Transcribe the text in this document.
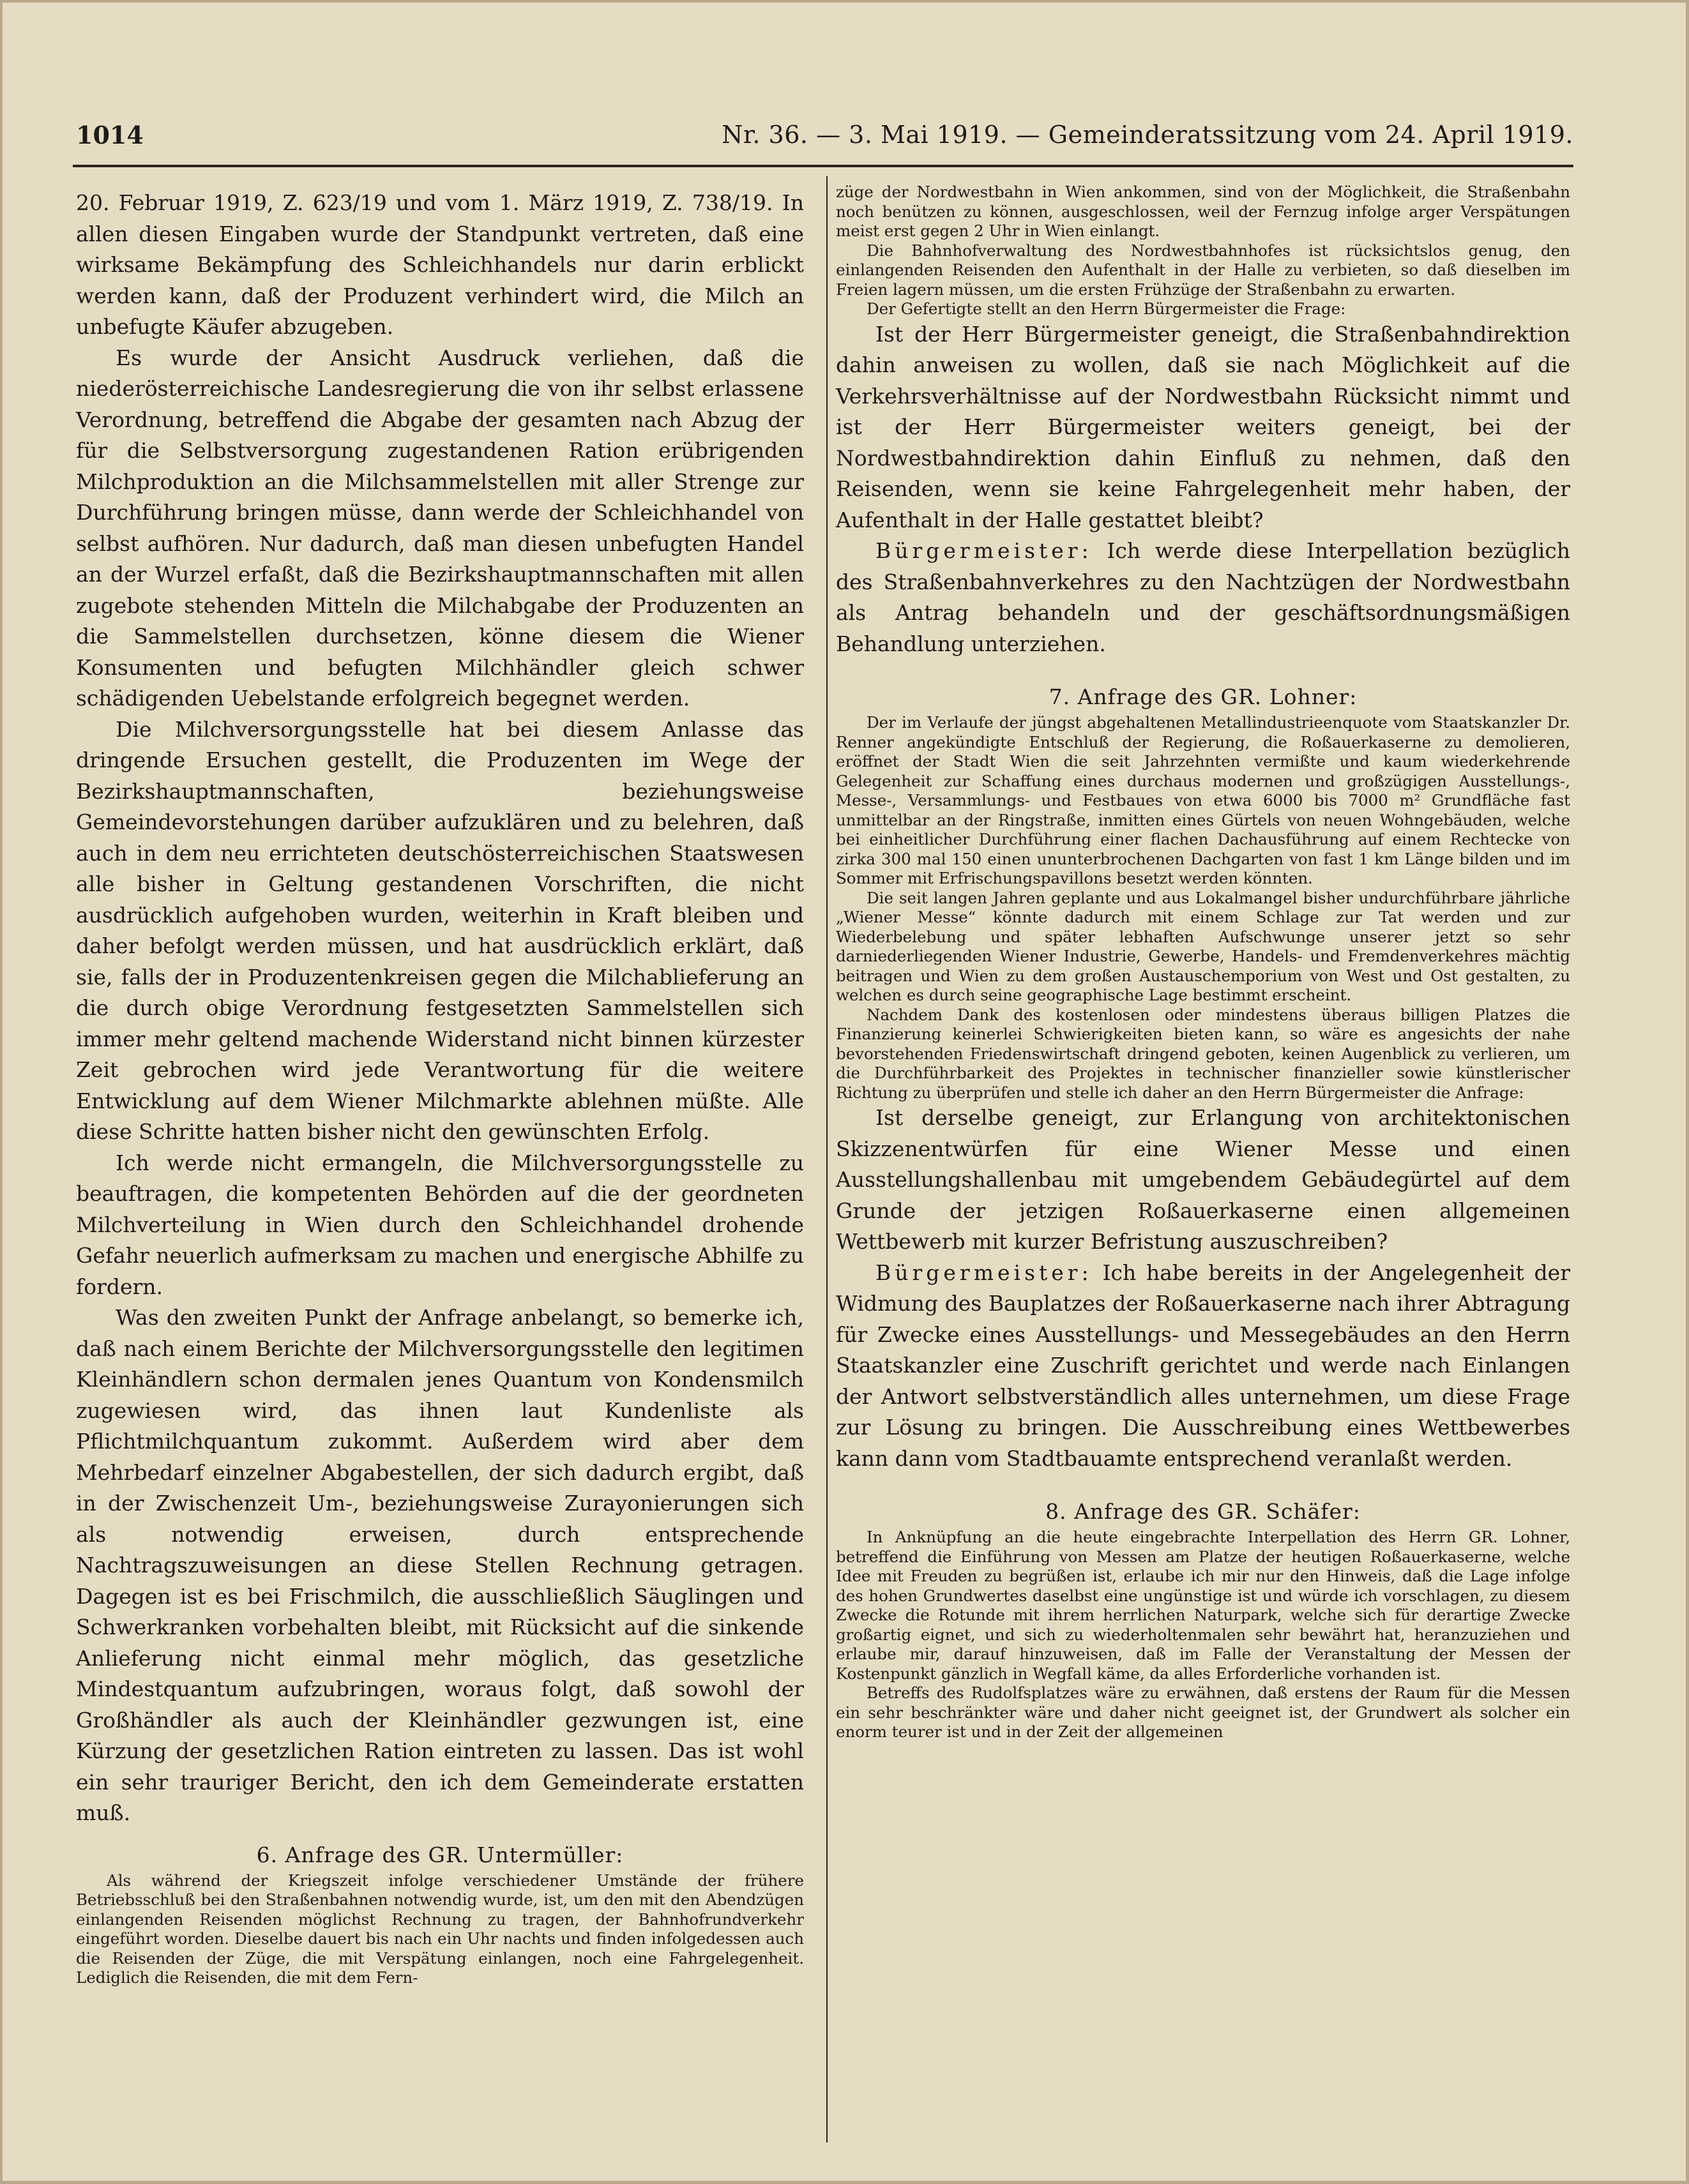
1014	Nr. 36. — 3. Mai 1919. — Gemeinderatssitzung vom 24. April 1919.

20. Februar 1919, Z. 623/19 und vom 1. März 1919, Z. 738/19. In allen diesen Eingaben wurde der Standpunkt vertreten, daß eine wirksame Bekämpfung des Schleichhandels nur darin erblickt werden kann, daß der Produzent verhindert wird, die Milch an unbefugte Käufer abzugeben.

Es wurde der Ansicht Ausdruck verliehen, daß die niederösterreichische Landesregierung die von ihr selbst erlassene Verordnung, betreffend die Abgabe der gesamten nach Abzug der für die Selbstversorgung zugestandenen Ration erübrigenden Milchproduktion an die Milchsammelstellen mit aller Strenge zur Durchführung bringen müsse, dann werde der Schleichhandel von selbst aufhören. Nur dadurch, daß man diesen unbefugten Handel an der Wurzel erfaßt, daß die Bezirkshauptmannschaften mit allen zugebote stehenden Mitteln die Milchabgabe der Produzenten an die Sammelstellen durchsetzen, könne diesem die Wiener Konsumenten und befugten Milchhändler gleich schwer schädigenden Uebelstande erfolgreich begegnet werden.

Die Milchversorgungsstelle hat bei diesem Anlasse das dringende Ersuchen gestellt, die Produzenten im Wege der Bezirkshauptmannschaften, beziehungsweise Gemeindevorstehungen darüber aufzuklären und zu belehren, daß auch in dem neu errichteten deutschösterreichischen Staatswesen alle bisher in Geltung gestandenen Vorschriften, die nicht ausdrücklich aufgehoben wurden, weiterhin in Kraft bleiben und daher befolgt werden müssen, und hat ausdrücklich erklärt, daß sie, falls der in Produzentenkreisen gegen die Milchablieferung an die durch obige Verordnung festgesetzten Sammelstellen sich immer mehr geltend machende Widerstand nicht binnen kürzester Zeit gebrochen wird jede Verantwortung für die weitere Entwicklung auf dem Wiener Milchmarkte ablehnen müßte. Alle diese Schritte hatten bisher nicht den gewünschten Erfolg.

Ich werde nicht ermangeln, die Milchversorgungsstelle zu beauftragen, die kompetenten Behörden auf die der geordneten Milchverteilung in Wien durch den Schleichhandel drohende Gefahr neuerlich aufmerksam zu machen und energische Abhilfe zu fordern.

Was den zweiten Punkt der Anfrage anbelangt, so bemerke ich, daß nach einem Berichte der Milchversorgungsstelle den legitimen Kleinhändlern schon dermalen jenes Quantum von Kondensmilch zugewiesen wird, das ihnen laut Kundenliste als Pflichtmilchquantum zukommt. Außerdem wird aber dem Mehrbedarf einzelner Abgabestellen, der sich dadurch ergibt, daß in der Zwischenzeit Um-, beziehungsweise Zurayonierungen sich als notwendig erweisen, durch entsprechende Nachtragszuweisungen an diese Stellen Rechnung getragen. Dagegen ist es bei Frischmilch, die ausschließlich Säuglingen und Schwerkranken vorbehalten bleibt, mit Rücksicht auf die sinkende Anlieferung nicht einmal mehr möglich, das gesetzliche Mindestquantum aufzubringen, woraus folgt, daß sowohl der Großhändler als auch der Kleinhändler gezwungen ist, eine Kürzung der gesetzlichen Ration eintreten zu lassen. Das ist wohl ein sehr trauriger Bericht, den ich dem Gemeinderate erstatten muß.

6. Anfrage des GR. Untermüller:

Als während der Kriegszeit infolge verschiedener Umstände der frühere Betriebsschluß bei den Straßenbahnen notwendig wurde, ist, um den mit den Abendzügen einlangenden Reisenden möglichst Rechnung zu tragen, der Bahnhofrundverkehr eingeführt worden. Dieselbe dauert bis nach ein Uhr nachts und finden infolgedessen auch die Reisenden der Züge, die mit Verspätung einlangen, noch eine Fahrgelegenheit. Lediglich die Reisenden, die mit dem Fern-

züge der Nordwestbahn in Wien ankommen, sind von der Möglichkeit, die Straßenbahn noch benützen zu können, ausgeschlossen, weil der Fernzug infolge arger Verspätungen meist erst gegen 2 Uhr in Wien einlangt.

Die Bahnhofverwaltung des Nordwestbahnhofes ist rücksichtslos genug, den einlangenden Reisenden den Aufenthalt in der Halle zu verbieten, so daß dieselben im Freien lagern müssen, um die ersten Frühzüge der Straßenbahn zu erwarten.

Der Gefertigte stellt an den Herrn Bürgermeister die Frage:

Ist der Herr Bürgermeister geneigt, die Straßenbahndirektion dahin anweisen zu wollen, daß sie nach Möglichkeit auf die Verkehrsverhältnisse auf der Nordwestbahn Rücksicht nimmt und ist der Herr Bürgermeister weiters geneigt, bei der Nordwestbahndirektion dahin Einfluß zu nehmen, daß den Reisenden, wenn sie keine Fahrgelegenheit mehr haben, der Aufenthalt in der Halle gestattet bleibt?

Bürgermeister: Ich werde diese Interpellation bezüglich des Straßenbahnverkehres zu den Nachtzügen der Nordwestbahn als Antrag behandeln und der geschäftsordnungsmäßigen Behandlung unterziehen.

7. Anfrage des GR. Lohner:

Der im Verlaufe der jüngst abgehaltenen Metallindustrieenquote vom Staatskanzler Dr. Renner angekündigte Entschluß der Regierung, die Roßauerkaserne zu demolieren, eröffnet der Stadt Wien die seit Jahrzehnten vermißte und kaum wiederkehrende Gelegenheit zur Schaffung eines durchaus modernen und großzügigen Ausstellungs-, Messe-, Versammlungs- und Festbaues von etwa 6000 bis 7000 m² Grundfläche fast unmittelbar an der Ringstraße, inmitten eines Gürtels von neuen Wohngebäuden, welche bei einheitlicher Durchführung einer flachen Dachausführung auf einem Rechtecke von zirka 300 mal 150 einen ununterbrochenen Dachgarten von fast 1 km Länge bilden und im Sommer mit Erfrischungspavillons besetzt werden könnten.

Die seit langen Jahren geplante und aus Lokalmangel bisher undurchführbare jährliche „Wiener Messe“ könnte dadurch mit einem Schlage zur Tat werden und zur Wiederbelebung und später lebhaften Aufschwunge unserer jetzt so sehr darniederliegenden Wiener Industrie, Gewerbe, Handels- und Fremdenverkehres mächtig beitragen und Wien zu dem großen Austauschemporium von West und Ost gestalten, zu welchen es durch seine geographische Lage bestimmt erscheint.

Nachdem Dank des kostenlosen oder mindestens überaus billigen Platzes die Finanzierung keinerlei Schwierigkeiten bieten kann, so wäre es angesichts der nahe bevorstehenden Friedenswirtschaft dringend geboten, keinen Augenblick zu verlieren, um die Durchführbarkeit des Projektes in technischer finanzieller sowie künstlerischer Richtung zu überprüfen und stelle ich daher an den Herrn Bürgermeister die Anfrage:

Ist derselbe geneigt, zur Erlangung von architektonischen Skizzenentwürfen für eine Wiener Messe und einen Ausstellungshallenbau mit umgebendem Gebäudegürtel auf dem Grunde der jetzigen Roßauerkaserne einen allgemeinen Wettbewerb mit kurzer Befristung auszuschreiben?

Bürgermeister: Ich habe bereits in der Angelegenheit der Widmung des Bauplatzes der Roßauerkaserne nach ihrer Abtragung für Zwecke eines Ausstellungs- und Messegebäudes an den Herrn Staatskanzler eine Zuschrift gerichtet und werde nach Einlangen der Antwort selbstverständlich alles unternehmen, um diese Frage zur Lösung zu bringen. Die Ausschreibung eines Wettbewerbes kann dann vom Stadtbauamte entsprechend veranlaßt werden.

8. Anfrage des GR. Schäfer:

In Anknüpfung an die heute eingebrachte Interpellation des Herrn GR. Lohner, betreffend die Einführung von Messen am Platze der heutigen Roßauerkaserne, welche Idee mit Freuden zu begrüßen ist, erlaube ich mir nur den Hinweis, daß die Lage infolge des hohen Grundwertes daselbst eine ungünstige ist und würde ich vorschlagen, zu diesem Zwecke die Rotunde mit ihrem herrlichen Naturpark, welche sich für derartige Zwecke großartig eignet, und sich zu wiederholtenmalen sehr bewährt hat, heranzuziehen und erlaube mir, darauf hinzuweisen, daß im Falle der Veranstaltung der Messen der Kostenpunkt gänzlich in Wegfall käme, da alles Erforderliche vorhanden ist.

Betreffs des Rudolfsplatzes wäre zu erwähnen, daß erstens der Raum für die Messen ein sehr beschränkter wäre und daher nicht geeignet ist, der Grundwert als solcher ein enorm teurer ist und in der Zeit der allgemeinen
